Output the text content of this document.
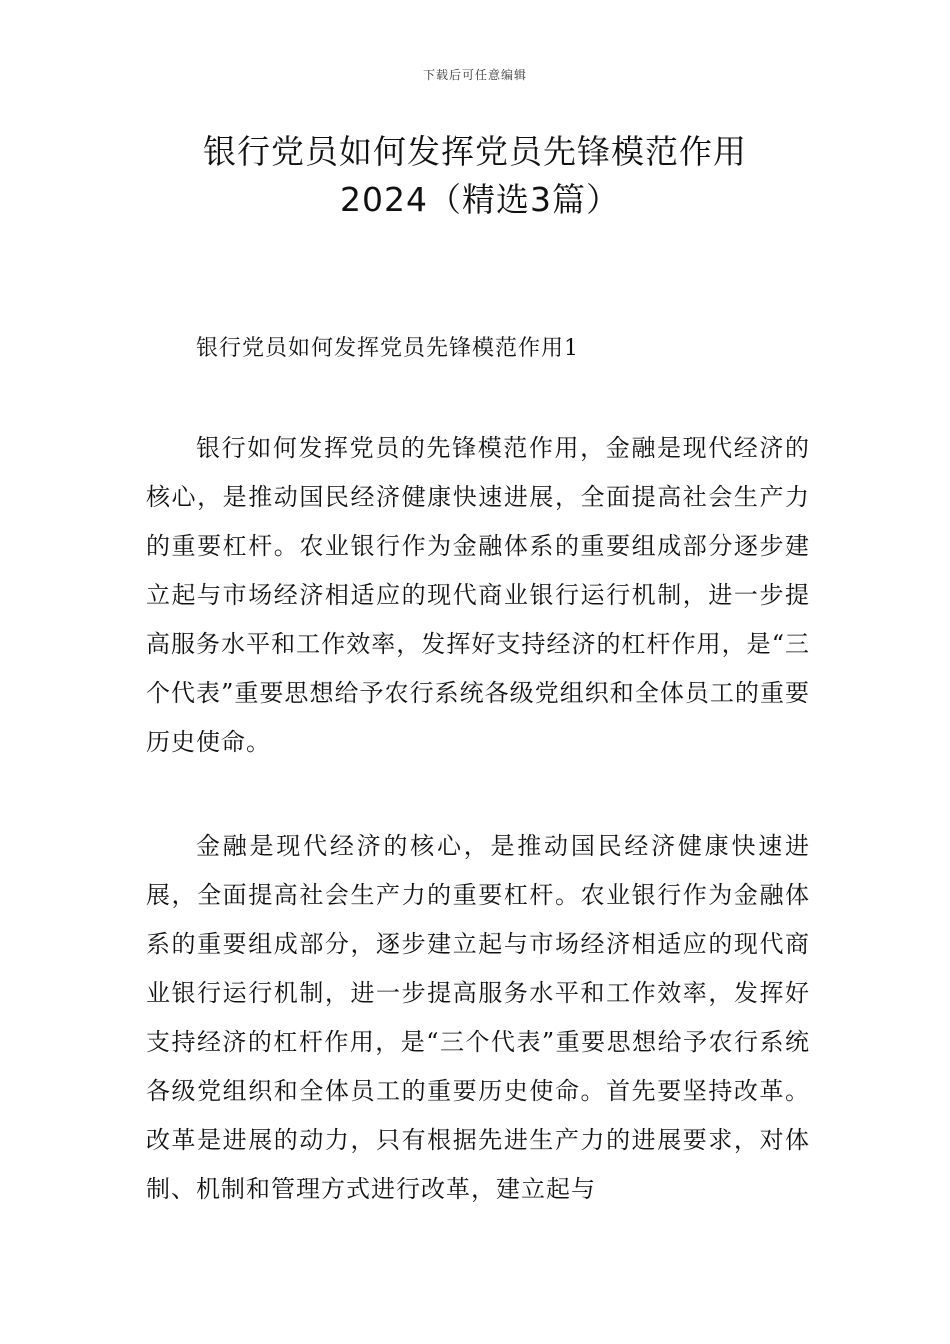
下载后可任意编辑
银行党员如何发挥党员先锋模范作用
2024（精选3篇）
银行党员如何发挥党员先锋模范作用1

银行如何发挥党员的先锋模范作用，金融是现代经济的核心，是推动国民经济健康快速进展，全面提高社会生产力的重要杠杆。农业银行作为金融体系的重要组成部分逐步建立起与市场经济相适应的现代商业银行运行机制，进一步提高服务水平和工作效率，发挥好支持经济的杠杆作用，是“三个代表”重要思想给予农行系统各级党组织和全体员工的重要历史使命。

金融是现代经济的核心，是推动国民经济健康快速进展，全面提高社会生产力的重要杠杆。农业银行作为金融体系的重要组成部分，逐步建立起与市场经济相适应的现代商业银行运行机制，进一步提高服务水平和工作效率，发挥好支持经济的杠杆作用，是“三个代表”重要思想给予农行系统各级党组织和全体员工的重要历史使命。首先要坚持改革。改革是进展的动力，只有根据先进生产力的进展要求，对体制、机制和管理方式进行改革，建立起与
